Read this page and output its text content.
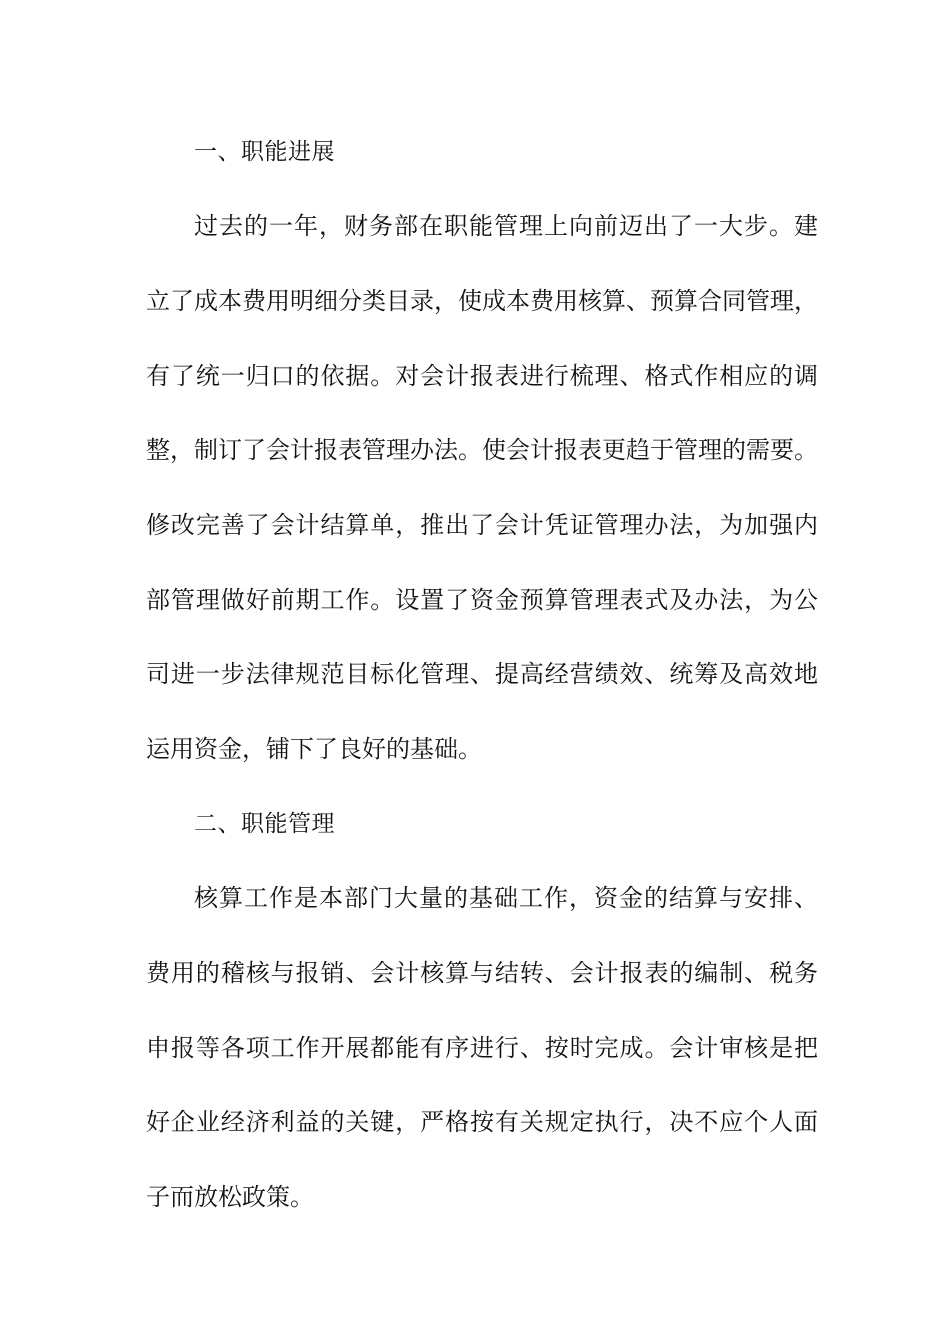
一、职能进展
过去的一年，财务部在职能管理上向前迈出了一大步。建
立了成本费用明细分类目录，使成本费用核算、预算合同管理，
有了统一归口的依据。对会计报表进行梳理、格式作相应的调
整，制订了会计报表管理办法。使会计报表更趋于管理的需要。
修改完善了会计结算单，推出了会计凭证管理办法，为加强内
部管理做好前期工作。设置了资金预算管理表式及办法，为公
司进一步法律规范目标化管理、提高经营绩效、统筹及高效地
运用资金，铺下了良好的基础。
二、职能管理
核算工作是本部门大量的基础工作，资金的结算与安排、
费用的稽核与报销、会计核算与结转、会计报表的编制、税务
申报等各项工作开展都能有序进行、按时完成。会计审核是把
好企业经济利益的关键，严格按有关规定执行，决不应个人面
子而放松政策。
